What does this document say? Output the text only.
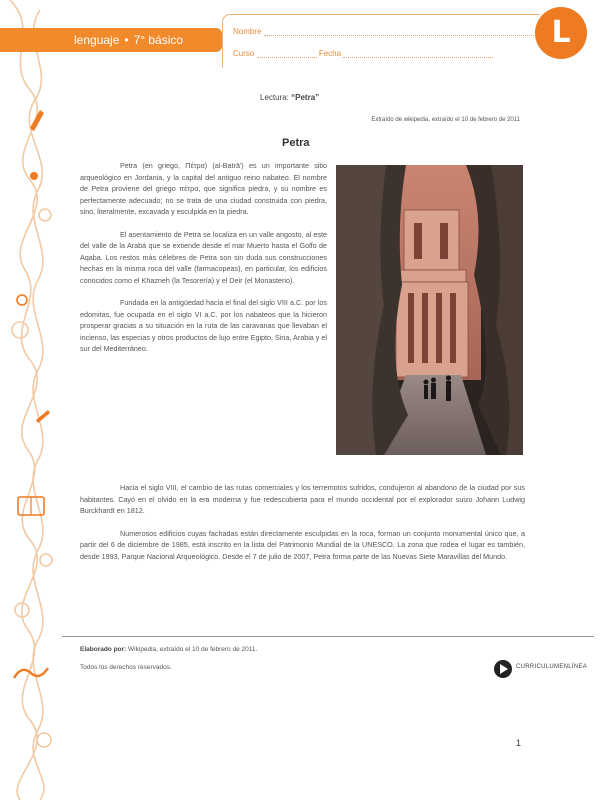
lenguaje • 7° básico
Nombre
Curso	Fecha
L
Lectura: “Petra”
Extraído de wikipedia, extraído el 10 de febrero de 2011
Petra

Petra (en griego, Πέτρα) (al-Batrā') es un importante sitio arqueológico en Jordania, y la capital del antiguo reino nabateo. El nombre de Petra proviene del griego πέτρα, que significa piedra, y su nombre es perfectamente adecuado; no se trata de una ciudad construida con piedra, sino, literalmente, excavada y esculpida en la piedra.

El asentamiento de Petra se localiza en un valle angosto, al este del valle de la Arabá que se extiende desde el mar Muerto hasta el Golfo de Aqaba. Los restos más célebres de Petra son sin duda sus construcciones hechas en la misma roca del valle (farmacopeas), en particular, los edificios conocidos como el Khazneh (la Tesorería) y el Deir (el Monasterio).

Fundada en la antigüedad hacia el final del siglo VIII a.C. por los edomitas, fue ocupada en el siglo VI a.C. por los nabateos que la hicieron prosperar gracias a su situación en la ruta de las caravanas que llevaban el incienso, las especias y otros productos de lujo entre Egipto, Siria, Arabia y el sur del Mediterráneo.

Hacia el siglo VIII, el cambio de las rutas comerciales y los terremotos sufridos, condujeron al abandono de la ciudad por sus habitantes. Cayó en el olvido en la era moderna y fue redescubierta para el mundo occidental por el explorador suizo Johann Ludwig Burckhardt en 1812.

Numerosos edificios cuyas fachadas están directamente esculpidas en la roca, forman un conjunto monumental único que, a partir del 6 de diciembre de 1985, está inscrito en la lista del Patrimonio Mundial de la UNESCO. La zona que rodea el lugar es también, desde 1993, Parque Nacional Arqueológico. Desde el 7 de julio de 2007, Petra forma parte de las Nuevas Siete Maravillas del Mundo.

Elaborado por: Wikipedia, extraído el 10 de febrero de 2011.
Todos los derechos reservados.	CURRICULUMENLÍNEA
1
